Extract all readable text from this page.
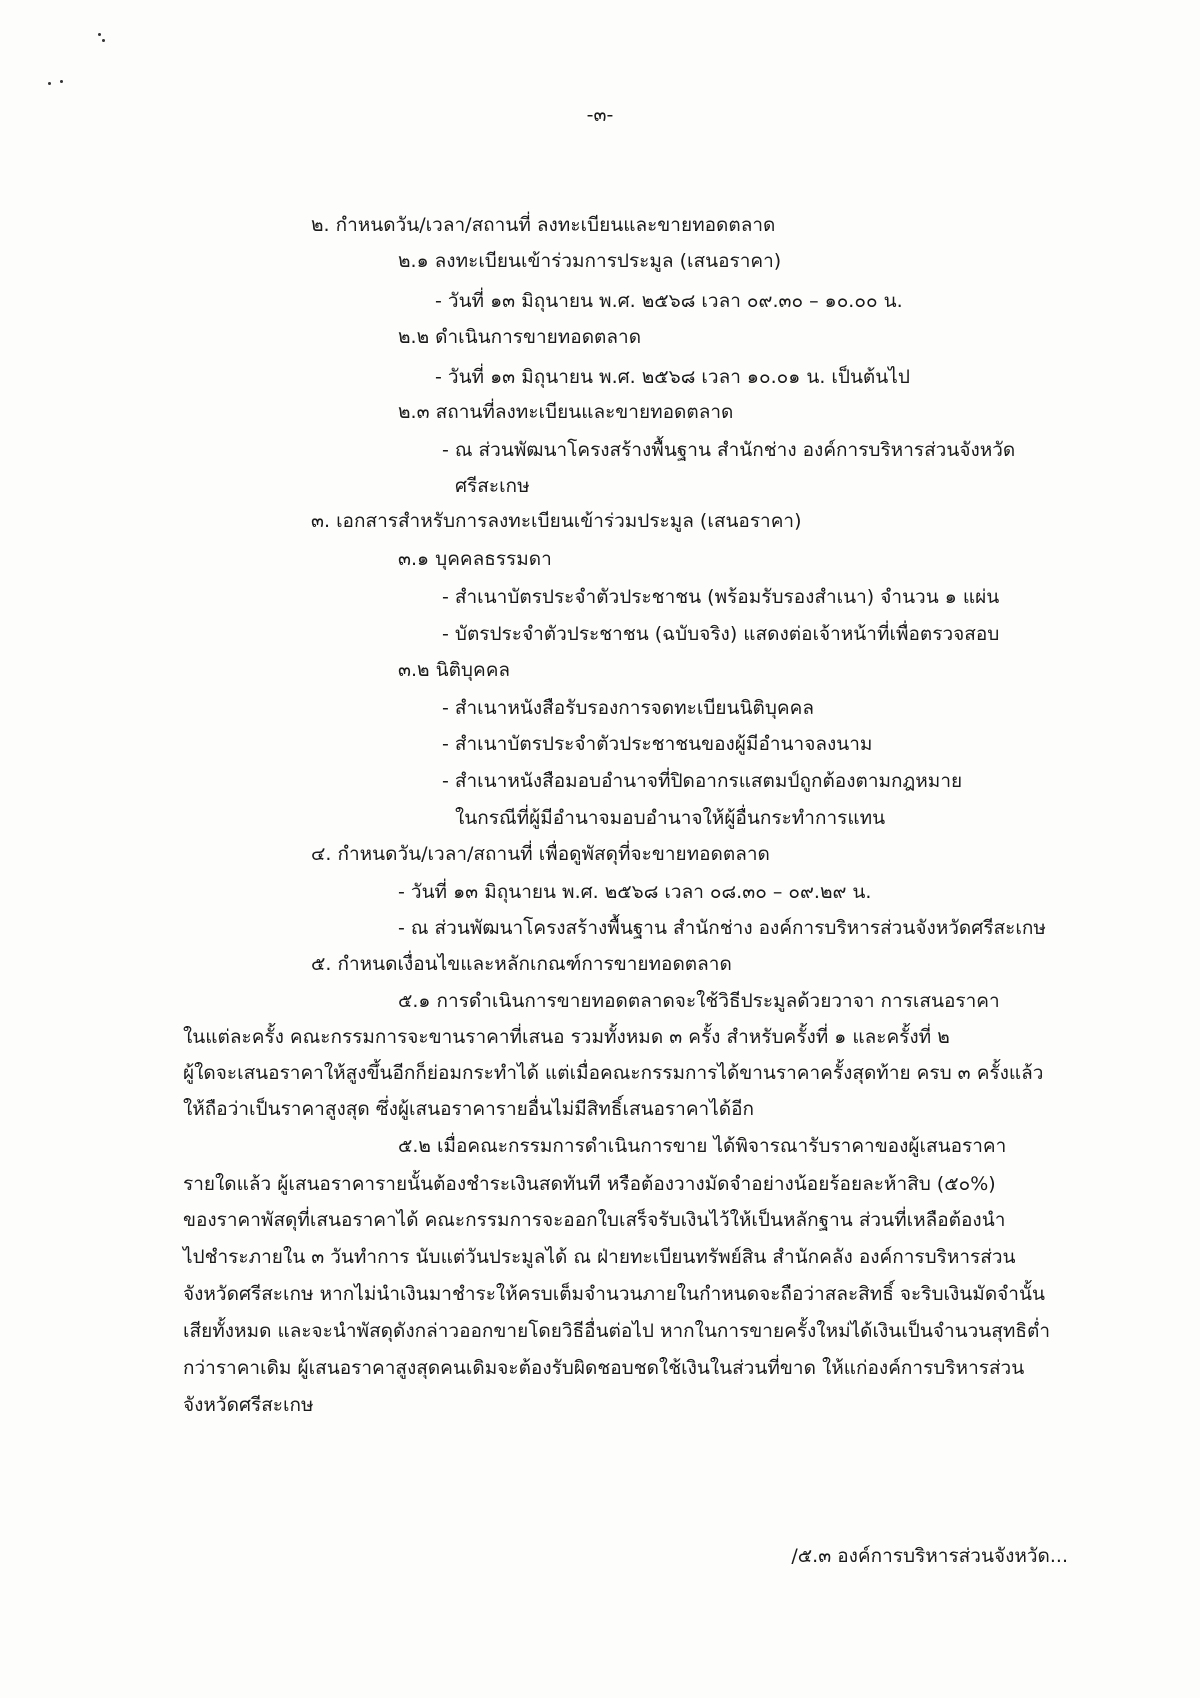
-๓-
๒. กำหนดวัน/เวลา/สถานที่ ลงทะเบียนและขายทอดตลาด
๒.๑ ลงทะเบียนเข้าร่วมการประมูล (เสนอราคา)
- วันที่ ๑๓ มิถุนายน พ.ศ. ๒๕๖๘ เวลา ๐๙.๓๐ – ๑๐.๐๐ น.
๒.๒ ดำเนินการขายทอดตลาด
- วันที่ ๑๓ มิถุนายน พ.ศ. ๒๕๖๘ เวลา ๑๐.๐๑ น. เป็นต้นไป
๒.๓ สถานที่ลงทะเบียนและขายทอดตลาด
- ณ ส่วนพัฒนาโครงสร้างพื้นฐาน สำนักช่าง องค์การบริหารส่วนจังหวัด
ศรีสะเกษ
๓. เอกสารสำหรับการลงทะเบียนเข้าร่วมประมูล (เสนอราคา)
๓.๑ บุคคลธรรมดา
- สำเนาบัตรประจำตัวประชาชน (พร้อมรับรองสำเนา) จำนวน ๑ แผ่น
- บัตรประจำตัวประชาชน (ฉบับจริง) แสดงต่อเจ้าหน้าที่เพื่อตรวจสอบ
๓.๒ นิติบุคคล
- สำเนาหนังสือรับรองการจดทะเบียนนิติบุคคล
- สำเนาบัตรประจำตัวประชาชนของผู้มีอำนาจลงนาม
- สำเนาหนังสือมอบอำนาจที่ปิดอากรแสตมป์ถูกต้องตามกฎหมาย
ในกรณีที่ผู้มีอำนาจมอบอำนาจให้ผู้อื่นกระทำการแทน
๔. กำหนดวัน/เวลา/สถานที่ เพื่อดูพัสดุที่จะขายทอดตลาด
- วันที่ ๑๓ มิถุนายน พ.ศ. ๒๕๖๘ เวลา ๐๘.๓๐ – ๐๙.๒๙ น.
- ณ ส่วนพัฒนาโครงสร้างพื้นฐาน สำนักช่าง องค์การบริหารส่วนจังหวัดศรีสะเกษ
๕. กำหนดเงื่อนไขและหลักเกณฑ์การขายทอดตลาด
๕.๑ การดำเนินการขายทอดตลาดจะใช้วิธีประมูลด้วยวาจา การเสนอราคา
ในแต่ละครั้ง คณะกรรมการจะขานราคาที่เสนอ รวมทั้งหมด ๓ ครั้ง สำหรับครั้งที่ ๑ และครั้งที่ ๒
ผู้ใดจะเสนอราคาให้สูงขึ้นอีกก็ย่อมกระทำได้ แต่เมื่อคณะกรรมการได้ขานราคาครั้งสุดท้าย ครบ ๓ ครั้งแล้ว
ให้ถือว่าเป็นราคาสูงสุด ซึ่งผู้เสนอราคารายอื่นไม่มีสิทธิ์เสนอราคาได้อีก
๕.๒ เมื่อคณะกรรมการดำเนินการขาย ได้พิจารณารับราคาของผู้เสนอราคา
รายใดแล้ว ผู้เสนอราคารายนั้นต้องชำระเงินสดทันที หรือต้องวางมัดจำอย่างน้อยร้อยละห้าสิบ (๕๐%)
ของราคาพัสดุที่เสนอราคาได้ คณะกรรมการจะออกใบเสร็จรับเงินไว้ให้เป็นหลักฐาน ส่วนที่เหลือต้องนำ
ไปชำระภายใน ๓ วันทำการ นับแต่วันประมูลได้ ณ ฝ่ายทะเบียนทรัพย์สิน สำนักคลัง องค์การบริหารส่วน
จังหวัดศรีสะเกษ หากไม่นำเงินมาชำระให้ครบเต็มจำนวนภายในกำหนดจะถือว่าสละสิทธิ์ จะริบเงินมัดจำนั้น
เสียทั้งหมด และจะนำพัสดุดังกล่าวออกขายโดยวิธีอื่นต่อไป หากในการขายครั้งใหม่ได้เงินเป็นจำนวนสุทธิต่ำ
กว่าราคาเดิม ผู้เสนอราคาสูงสุดคนเดิมจะต้องรับผิดชอบชดใช้เงินในส่วนที่ขาด ให้แก่องค์การบริหารส่วน
จังหวัดศรีสะเกษ
/๕.๓ องค์การบริหารส่วนจังหวัด...
